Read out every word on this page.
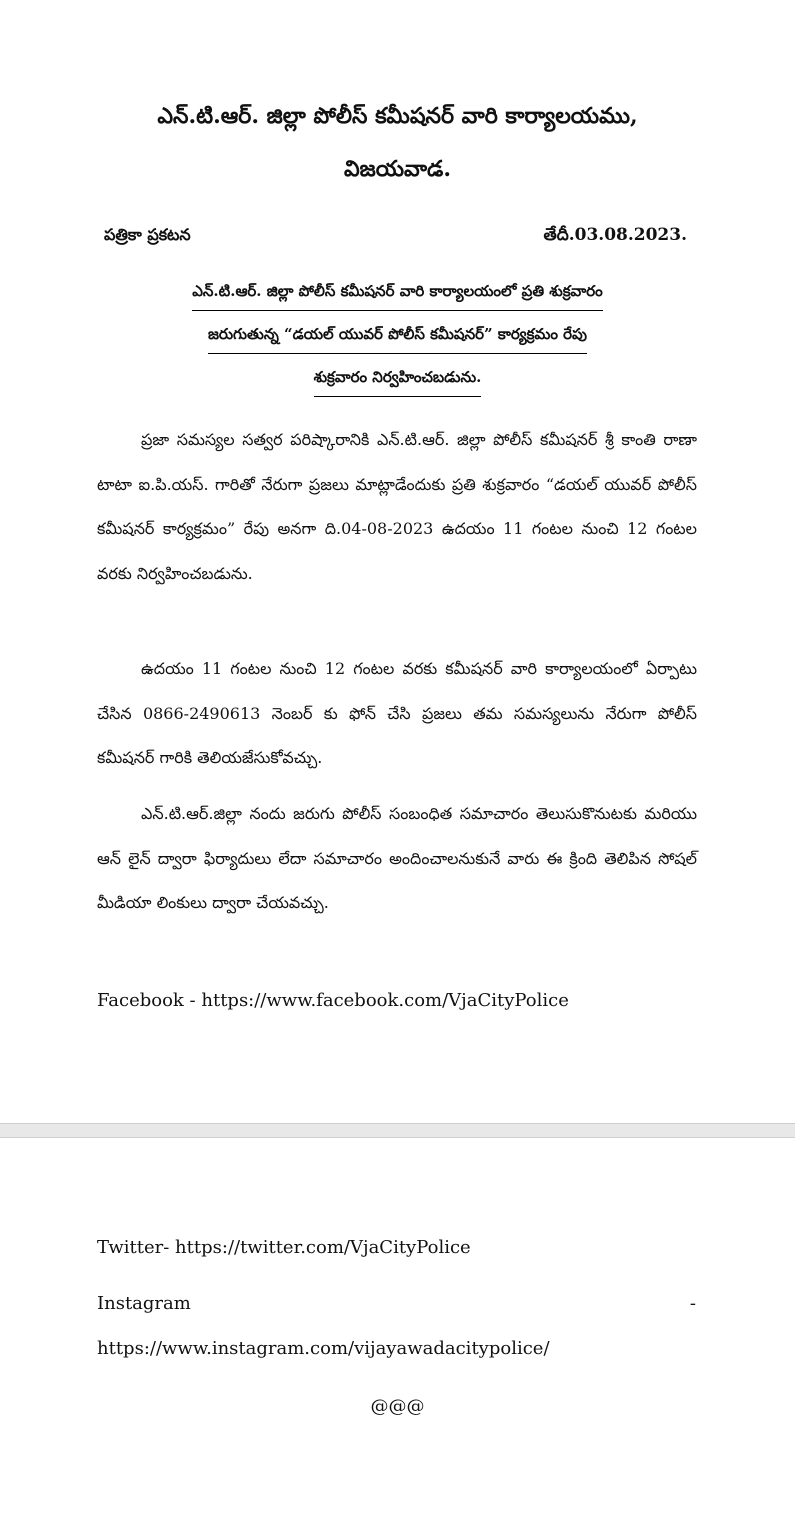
ఎన్.టి.ఆర్. జిల్లా పోలీస్ కమీషనర్ వారి కార్యాలయము,
విజయవాడ.
పత్రికా ప్రకటన	తేదీ.03.08.2023.
ఎన్.టి.ఆర్. జిల్లా పోలీస్ కమీషనర్ వారి కార్యాలయంలో ప్రతి శుక్రవారం
జరుగుతున్న “డయల్ యువర్ పోలీస్ కమీషనర్” కార్యక్రమం రేపు
శుక్రవారం నిర్వహించబడును.
ప్రజా సమస్యల సత్వర పరిష్కారానికి ఎన్.టి.ఆర్. జిల్లా పోలీస్ కమీషనర్ శ్రీ కాంతి రాణా టాటా ఐ.పి.యస్. గారితో నేరుగా ప్రజలు మాట్లాడేందుకు ప్రతి శుక్రవారం “డయల్ యువర్ పోలీస్ కమీషనర్ కార్యక్రమం” రేపు అనగా ది.04-08-2023 ఉదయం 11 గంటల నుంచి 12 గంటల వరకు నిర్వహించబడును.
ఉదయం 11 గంటల నుంచి 12 గంటల వరకు కమీషనర్ వారి కార్యాలయంలో ఏర్పాటు చేసిన 0866-2490613 నెంబర్ కు ఫోన్ చేసి ప్రజలు తమ సమస్యలును నేరుగా పోలీస్ కమీషనర్ గారికి తెలియజేసుకోవచ్చు.
ఎన్.టి.ఆర్.జిల్లా నందు జరుగు పోలీస్ సంబంధిత సమాచారం తెలుసుకొనుటకు మరియు ఆన్ లైన్ ద్వారా ఫిర్యాదులు లేదా సమాచారం అందించాలనుకునే వారు ఈ క్రింది తెలిపిన సోషల్ మీడియా లింకులు ద్వారా చేయవచ్చు.
Facebook - https://www.facebook.com/VjaCityPolice
Twitter- https://twitter.com/VjaCityPolice
Instagram	-
https://www.instagram.com/vijayawadacitypolice/
@@@
